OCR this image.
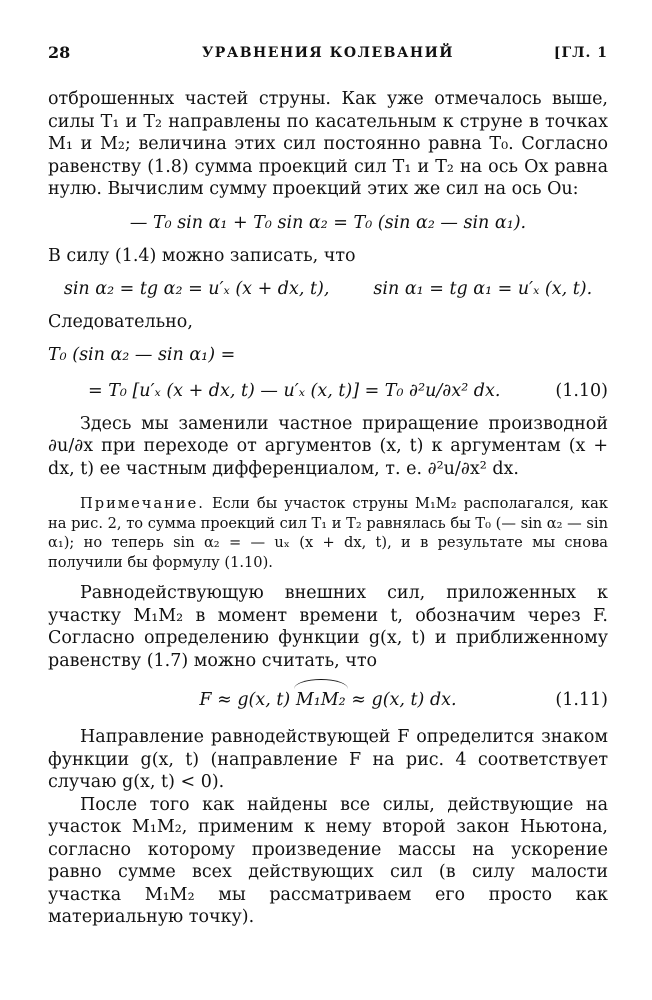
28	УРАВНЕНИЯ КОЛЕВАНИЙ	[ГЛ. 1

отброшенных частей струны. Как уже отмечалось выше, силы T₁ и T₂ направлены по касательным к струне в точках M₁ и M₂; величина этих сил постоянно равна T₀. Согласно равенству (1.8) сумма проекций сил T₁ и T₂ на ось Ox равна нулю. Вычислим сумму проекций этих же сил на ось Ou:

— T₀ sin α₁ + T₀ sin α₂ = T₀ (sin α₂ — sin α₁).

В силу (1.4) можно записать, что

sin α₂ = tg α₂ = u′ₓ (x + dx, t),	sin α₁ = tg α₁ = u′ₓ (x, t).

Следовательно,

T₀ (sin α₂ — sin α₁) =
= T₀ [u′ₓ (x + dx, t) — u′ₓ (x, t)] = T₀ ∂²u/∂x² dx.	(1.10)

Здесь мы заменили частное приращение производной ∂u/∂x при переходе от аргументов (x, t) к аргументам (x + dx, t) ее частным дифференциалом, т. е. ∂²u/∂x² dx.

Примечание. Если бы участок струны M₁M₂ располагался, как на рис. 2, то сумма проекций сил T₁ и T₂ равнялась бы T₀ (— sin α₂ — sin α₁); но теперь sin α₂ = — uₓ (x + dx, t), и в результате мы снова получили бы формулу (1.10).

Равнодействующую внешних сил, приложенных к участку M₁M₂ в момент времени t, обозначим через F. Согласно определению функции g(x, t) и приближенному равенству (1.7) можно считать, что

F ≈ g(x, t) M₁M₂ ≈ g(x, t) dx.	(1.11)

Направление равнодействующей F определится знаком функции g(x, t) (направление F на рис. 4 соответствует случаю g(x, t) < 0).

После того как найдены все силы, действующие на участок M₁M₂, применим к нему второй закон Ньютона, согласно которому произведение массы на ускорение равно сумме всех действующих сил (в силу малости участка M₁M₂ мы рассматриваем его просто как материальную точку).
